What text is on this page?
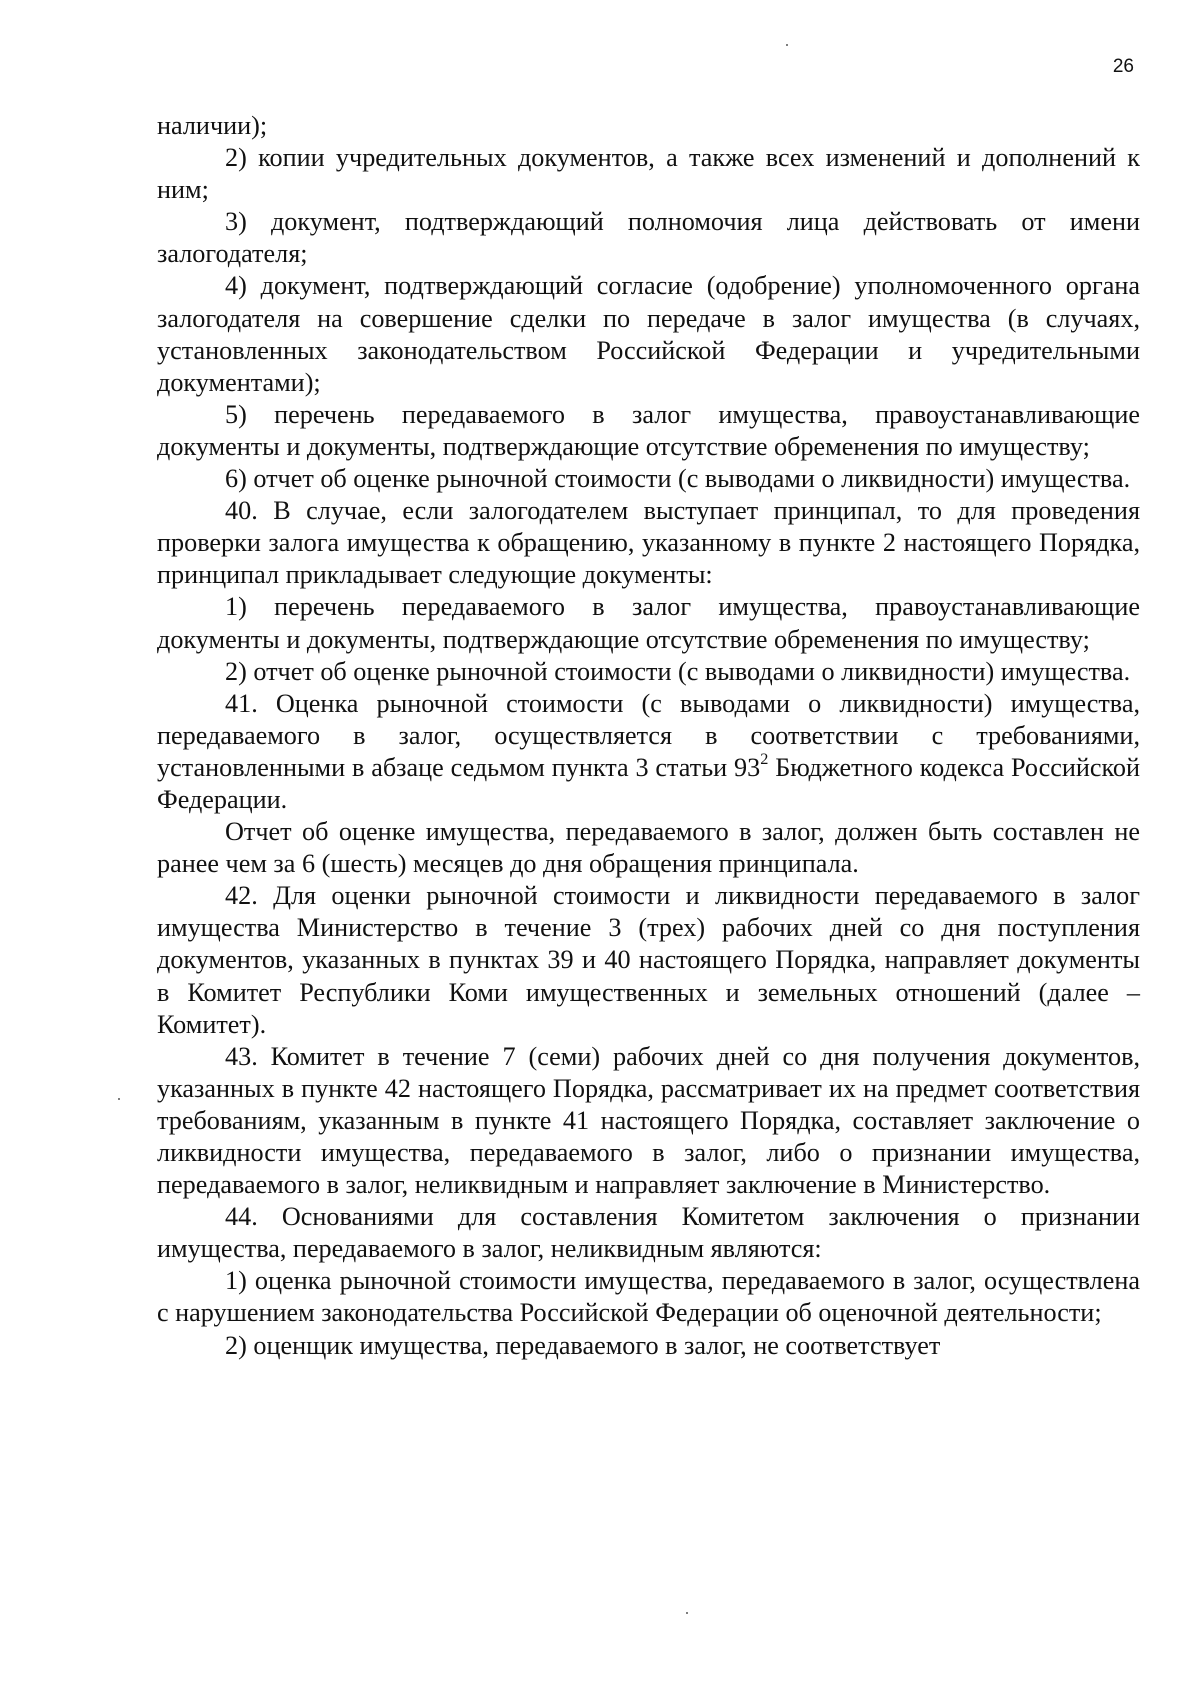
26

наличии);

2) копии учредительных документов, а также всех изменений и дополнений к ним;

3) документ, подтверждающий полномочия лица действовать от имени залогодателя;

4) документ, подтверждающий согласие (одобрение) уполномоченного органа залогодателя на совершение сделки по передаче в залог имущества (в случаях, установленных законодательством Российской Федерации и учредительными документами);

5) перечень передаваемого в залог имущества, правоустанавливающие документы и документы, подтверждающие отсутствие обременения по имуществу;

6) отчет об оценке рыночной стоимости (с выводами о ликвидности) имущества.

40. В случае, если залогодателем выступает принципал, то для проведения проверки залога имущества к обращению, указанному в пункте 2 настоящего Порядка, принципал прикладывает следующие документы:

1) перечень передаваемого в залог имущества, правоустанавливающие документы и документы, подтверждающие отсутствие обременения по имуществу;

2) отчет об оценке рыночной стоимости (с выводами о ликвидности) имущества.

41. Оценка рыночной стоимости (с выводами о ликвидности) имущества, передаваемого в залог, осуществляется в соответствии с требованиями, установленными в абзаце седьмом пункта 3 статьи $93^2$ Бюджетного кодекса Российской Федерации.

Отчет об оценке имущества, передаваемого в залог, должен быть составлен не ранее чем за 6 (шесть) месяцев до дня обращения принципала.

42. Для оценки рыночной стоимости и ликвидности передаваемого в залог имущества Министерство в течение 3 (трех) рабочих дней со дня поступления документов, указанных в пунктах 39 и 40 настоящего Порядка, направляет документы в Комитет Республики Коми имущественных и земельных отношений (далее – Комитет).

43. Комитет в течение 7 (семи) рабочих дней со дня получения документов, указанных в пункте 42 настоящего Порядка, рассматривает их на предмет соответствия требованиям, указанным в пункте 41 настоящего Порядка, составляет заключение о ликвидности имущества, передаваемого в залог, либо о признании имущества, передаваемого в залог, неликвидным и направляет заключение в Министерство.

44. Основаниями для составления Комитетом заключения о признании имущества, передаваемого в залог, неликвидным являются:

1) оценка рыночной стоимости имущества, передаваемого в залог, осуществлена с нарушением законодательства Российской Федерации об оценочной деятельности;

2) оценщик имущества, передаваемого в залог, не соответствует
